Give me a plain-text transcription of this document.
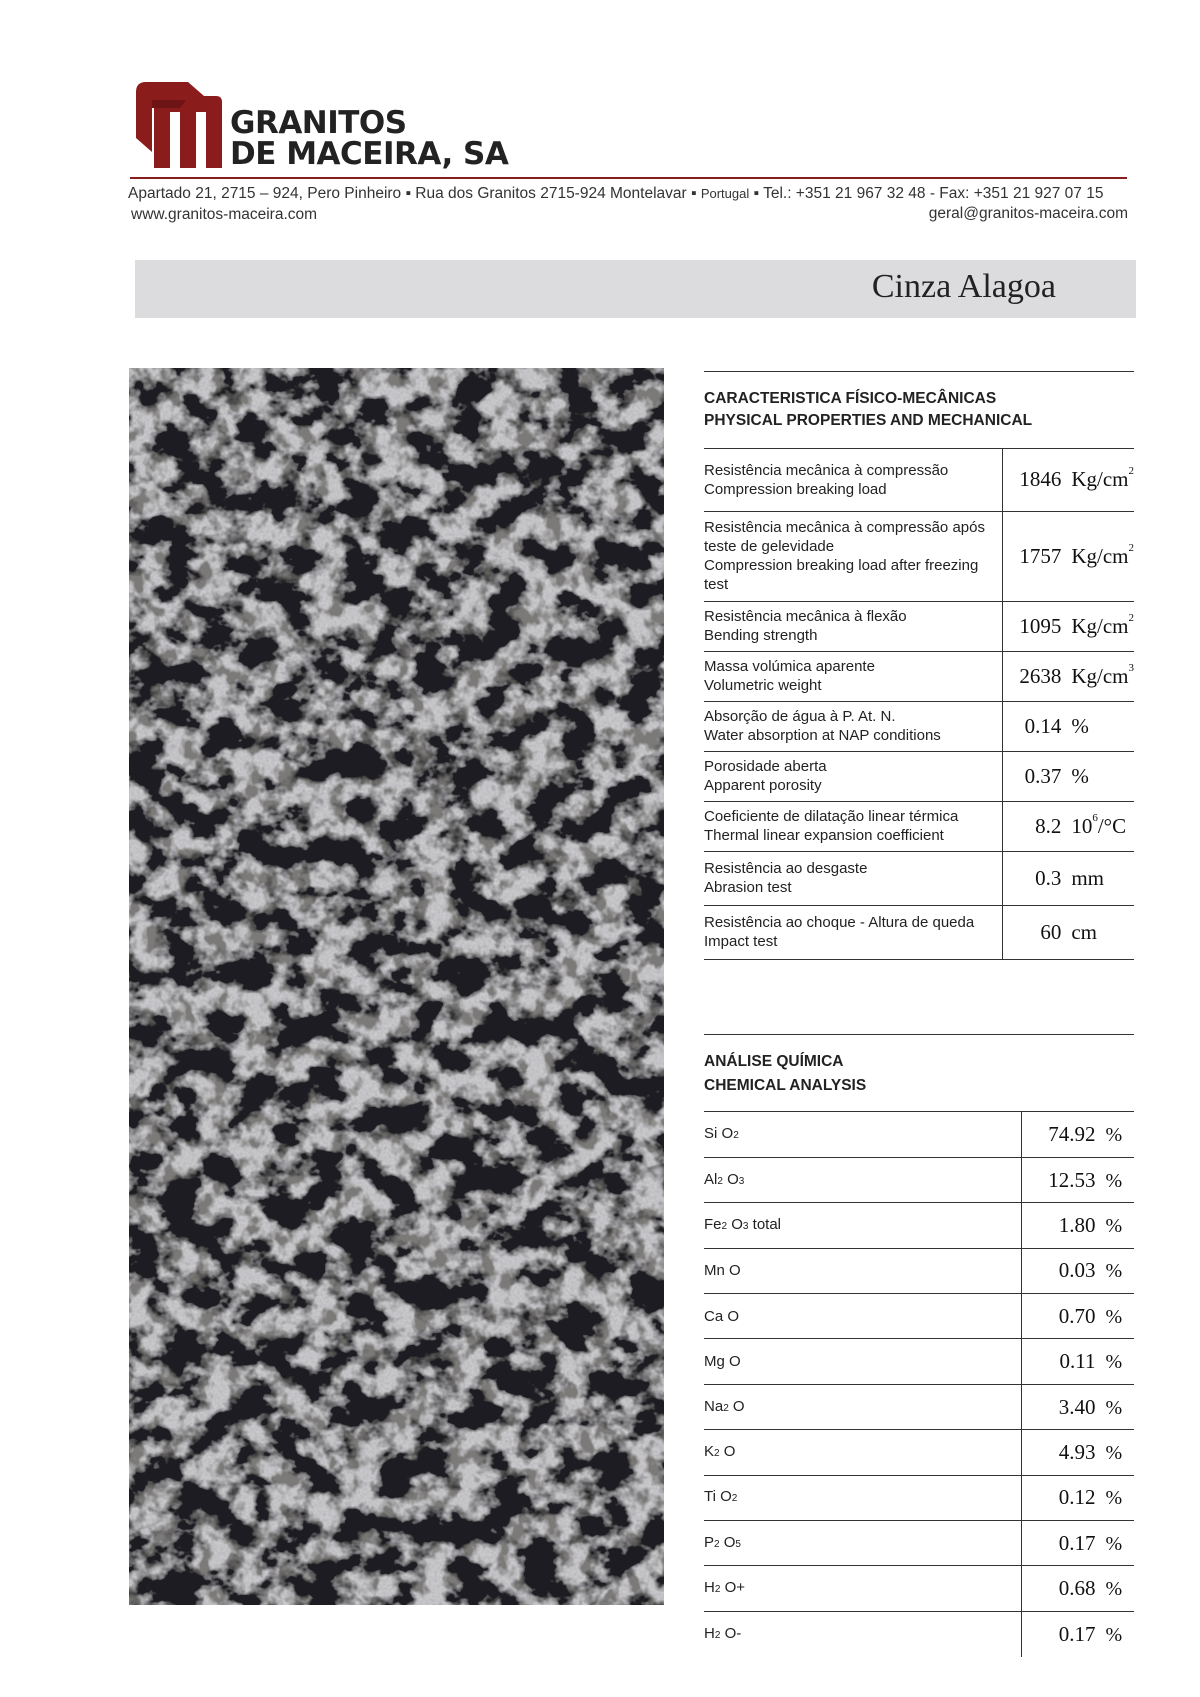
GRANITOS
DE MACEIRA, SA
Apartado 21, 2715 – 924, Pero Pinheiro ▪ Rua dos Granitos 2715-924 Montelavar ▪ Portugal ▪ Tel.: +351 21 967 32 48 - Fax: +351 21 927 07 15
www.granitos-maceira.com	geral@granitos-maceira.com
Cinza Alagoa
CARACTERISTICA FÍSICO-MECÂNICAS
PHYSICAL PROPERTIES AND MECHANICAL
Resistência mecânica à compressão
Compression breaking load	1846 $Kg/cm^2$

Resistência mecânica à compressão após teste de gelevidade
Compression breaking load after freezing test	1757 $Kg/cm^2$

Resistência mecânica à flexão
Bending strength	1095 $Kg/cm^2$

Massa volúmica aparente
Volumetric weight	2638 $Kg/cm^3$

Absorção de água à P. At. N.
Water absorption at NAP conditions	0.14 %

Porosidade aberta
Apparent porosity	0.37 %

Coeficiente de dilatação linear térmica
Thermal linear expansion coefficient	8.2 $10^6/^\circ C$

Resistência ao desgaste
Abrasion test	0.3 mm

Resistência ao choque - Altura de queda
Impact test	60 cm
ANÁLISE QUÍMICA
CHEMICAL ANALYSIS
Si O2	74.92 %
Al2 O3	12.53 %
Fe2 O3 total	1.80 %
Mn O	0.03 %
Ca O	0.70 %
Mg O	0.11 %
Na2 O	3.40 %
K2 O	4.93 %
Ti O2	0.12 %
P2 O5	0.17 %
H2 O+	0.68 %
H2 O-	0.17 %
